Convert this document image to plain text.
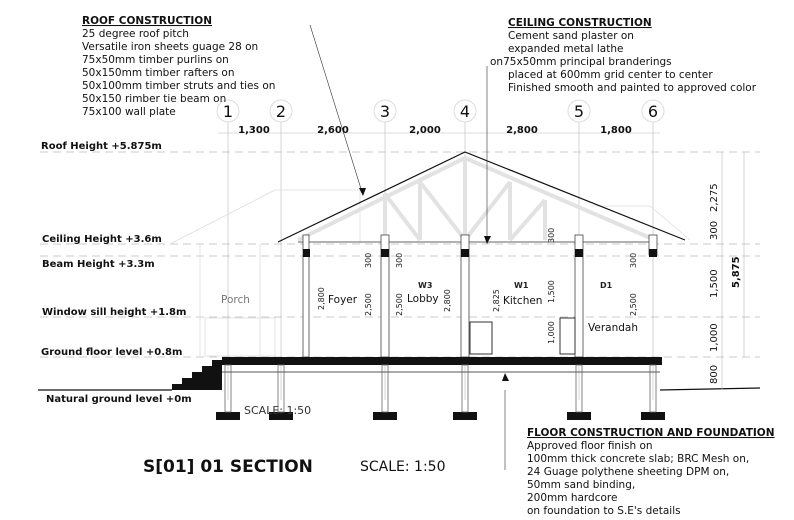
1	2	3	4	5	6
1,300	2,600	2,000	2,800	1,800
Roof Height +5.875m
Ceiling Height +3.6m
Beam Height +3.3m
Window sill height +1.8m
Ground floor level +0.8m
Natural ground level +0m
Porch	Foyer	Lobby	Kitchen
Verandah
W3	W1	D1
2,800
300
2,500
300
2,500	2,800	2,825
300
1,500
1,000
300
2,500
2,275
300
1,500
1,000
800
5,875
SCALE: 1:50
ROOF CONSTRUCTION
25 degree roof pitch
Versatile iron sheets guage 28 on
75x50mm timber purlins on
50x150mm timber rafters on
50x100mm timber struts and ties on
50x150 rimber tie beam on
75x100 wall plate
CEILING CONSTRUCTION
Cement sand plaster on
expanded metal lathe
on75x50mm principal branderings
placed at 600mm grid center to center
Finished smooth and painted to approved color
FLOOR CONSTRUCTION AND FOUNDATION
Approved floor finish on
100mm thick concrete slab; BRC Mesh on,
24 Guage polythene sheeting DPM on,
50mm sand binding,
200mm hardcore
on foundation to S.E's details
S[01] 01 SECTION	SCALE: 1:50
